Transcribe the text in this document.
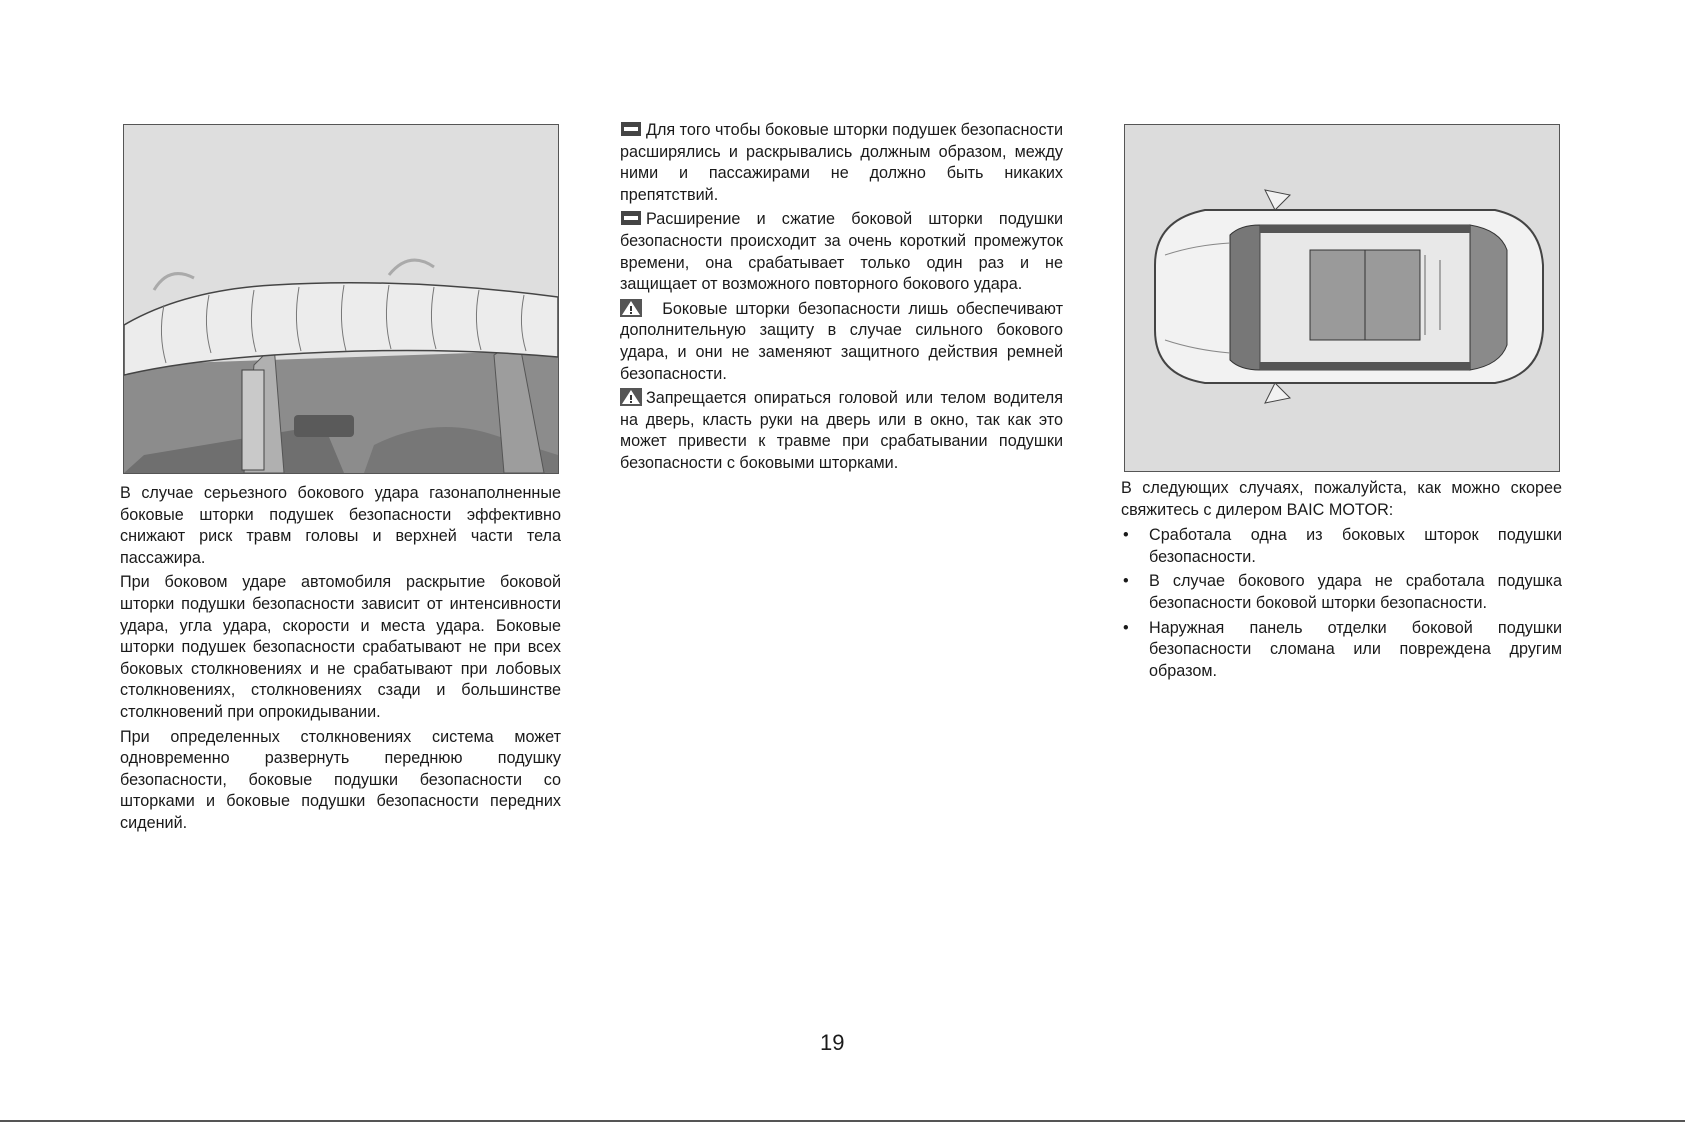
В случае серьезного бокового удара газонаполненные боковые шторки подушек безопасности эффективно снижают риск травм головы и верхней части тела пассажира.

При боковом ударе автомобиля раскрытие боковой шторки подушки безопасности зависит от интенсивности удара, угла удара, скорости и места удара. Боковые шторки подушек безопасности срабатывают не при всех боковых столкновениях и не срабатывают при лобовых столкновениях, столкновениях сзади и большинстве столкновений при опрокидывании.

При определенных столкновениях система может одновременно развернуть переднюю подушку безопасности, боковые подушки безопасности со шторками и боковые подушки безопасности передних сидений.

Для того чтобы боковые шторки подушек безопасности расширялись и раскрывались должным образом, между ними и пассажирами не должно быть никаких препятствий.

Расширение и сжатие боковой шторки подушки безопасности происходит за очень короткий промежуток времени, она срабатывает только один раз и не защищает от возможного повторного бокового удара.

Боковые шторки безопасности лишь обеспечивают дополнительную защиту в случае сильного бокового удара, и они не заменяют защитного действия ремней безопасности.

Запрещается опираться головой или телом водителя на дверь, класть руки на дверь или в окно, так как это может привести к травме при срабатывании подушки безопасности с боковыми шторками.

В следующих случаях, пожалуйста, как можно скорее свяжитесь с дилером BAIC MOTOR:

• Сработала одна из боковых шторок подушки безопасности.
• В случае бокового удара не сработала подушка безопасности боковой шторки безопасности.
• Наружная панель отделки боковой подушки безопасности сломана или повреждена другим образом.
19
